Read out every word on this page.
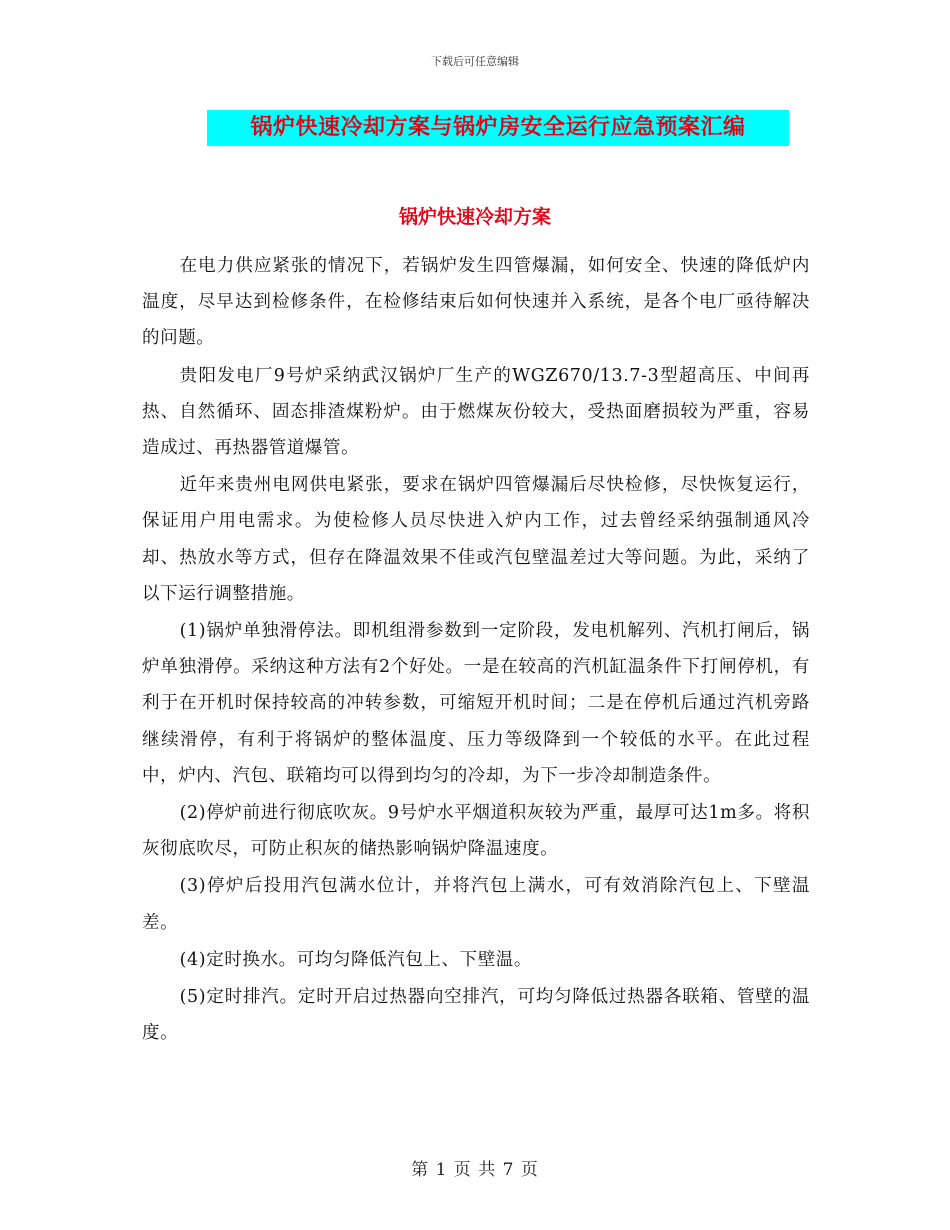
下载后可任意编辑
锅炉快速冷却方案与锅炉房安全运行应急预案汇编
锅炉快速冷却方案

在电力供应紧张的情况下，若锅炉发生四管爆漏，如何安全、快速的降低炉内温度，尽早达到检修条件，在检修结束后如何快速并入系统，是各个电厂亟待解决的问题。

贵阳发电厂9号炉采纳武汉锅炉厂生产的WGZ670/13.7-3型超高压、中间再热、自然循环、固态排渣煤粉炉。由于燃煤灰份较大，受热面磨损较为严重，容易造成过、再热器管道爆管。

近年来贵州电网供电紧张，要求在锅炉四管爆漏后尽快检修，尽快恢复运行，保证用户用电需求。为使检修人员尽快进入炉内工作，过去曾经采纳强制通风冷却、热放水等方式，但存在降温效果不佳或汽包壁温差过大等问题。为此，采纳了以下运行调整措施。

(1)锅炉单独滑停法。即机组滑参数到一定阶段，发电机解列、汽机打闸后，锅炉单独滑停。采纳这种方法有2个好处。一是在较高的汽机缸温条件下打闸停机，有利于在开机时保持较高的冲转参数，可缩短开机时间；二是在停机后通过汽机旁路继续滑停，有利于将锅炉的整体温度、压力等级降到一个较低的水平。在此过程中，炉内、汽包、联箱均可以得到均匀的冷却，为下一步冷却制造条件。

(2)停炉前进行彻底吹灰。9号炉水平烟道积灰较为严重，最厚可达1m多。将积灰彻底吹尽，可防止积灰的储热影响锅炉降温速度。

(3)停炉后投用汽包满水位计，并将汽包上满水，可有效消除汽包上、下壁温差。

(4)定时换水。可均匀降低汽包上、下壁温。

(5)定时排汽。定时开启过热器向空排汽，可均匀降低过热器各联箱、管壁的温度。

第 1 页 共 7 页
